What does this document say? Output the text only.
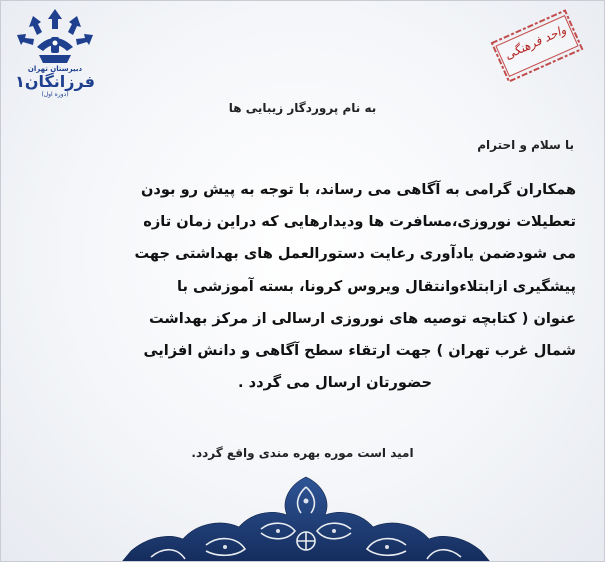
دبیرستان تهران
فرزانگان۱
(دوره اول)
واحد فرهنگی
به نام پروردگار زیبایی ها
با سلام و احترام
همکاران گرامی به آگاهی می رساند، با توجه به پیش رو بودن
تعطیلات نوروزی،مسافرت ها ودیدارهایی که دراین زمان تازه
می شودضمن یادآوری رعایت دستورالعمل های بهداشتی جهت
پیشگیری ازابتلاءوانتقال ویروس کرونا، بسته آموزشی با
عنوان ( کتابچه توصیه های نوروزی ارسالی از مرکز بهداشت
شمال غرب تهران ) جهت ارتقاء سطح آگاهی و دانش افزایی
حضورتان ارسال می گردد .
امید است موره بهره مندی واقع گردد.
